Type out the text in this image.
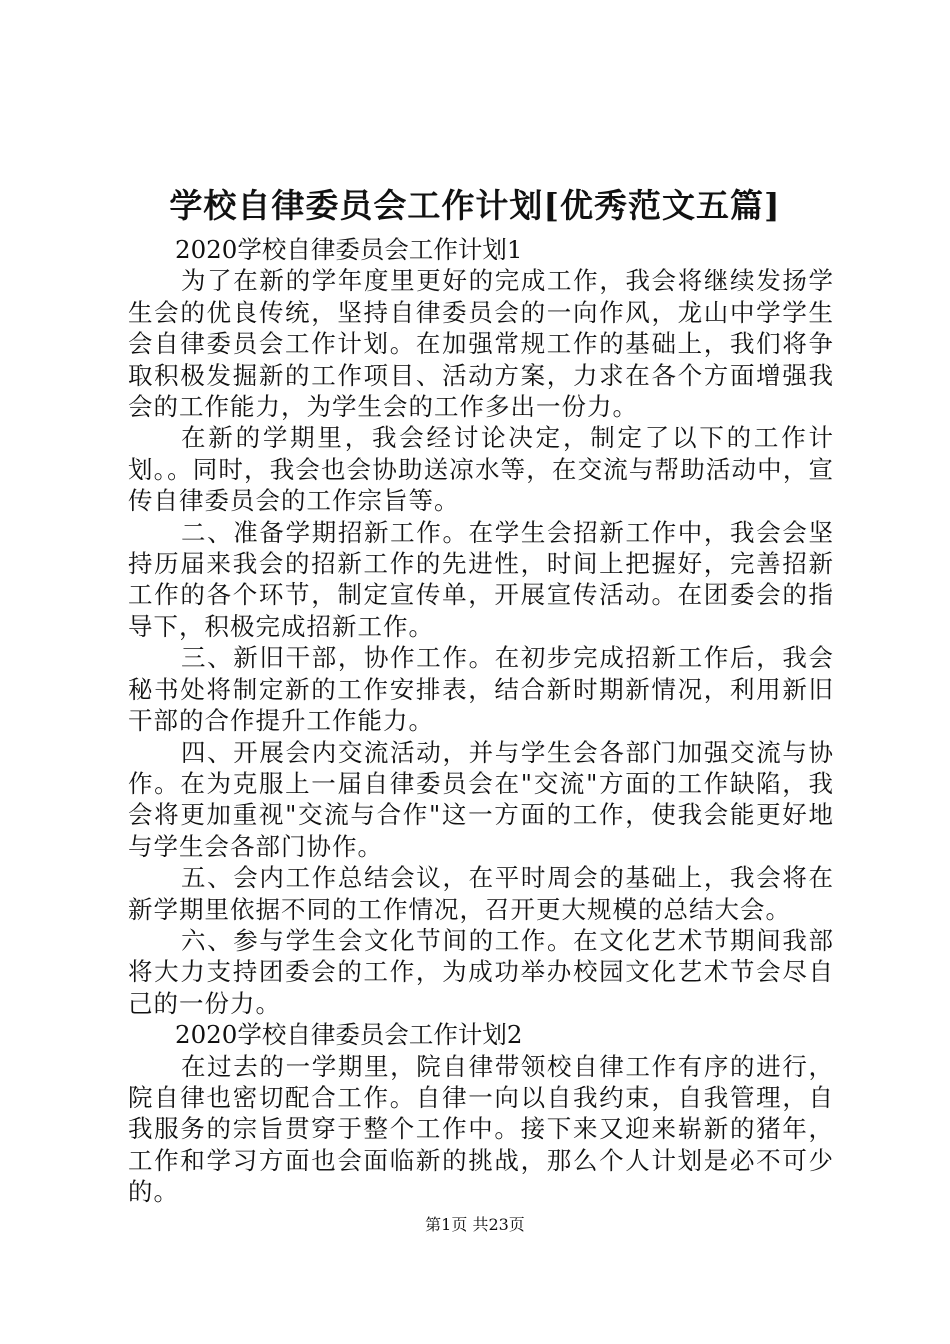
学校自律委员会工作计划[优秀范文五篇]

2020学校自律委员会工作计划1

为了在新的学年度里更好的完成工作，我会将继续发扬学生会的优良传统，坚持自律委员会的一向作风，龙山中学学生会自律委员会工作计划。在加强常规工作的基础上，我们将争取积极发掘新的工作项目、活动方案，力求在各个方面增强我会的工作能力，为学生会的工作多出一份力。

在新的学期里，我会经讨论决定，制定了以下的工作计划。。同时，我会也会协助送凉水等，在交流与帮助活动中，宣传自律委员会的工作宗旨等。

二、准备学期招新工作。在学生会招新工作中，我会会坚持历届来我会的招新工作的先进性，时间上把握好，完善招新工作的各个环节，制定宣传单，开展宣传活动。在团委会的指导下，积极完成招新工作。

三、新旧干部，协作工作。在初步完成招新工作后，我会秘书处将制定新的工作安排表，结合新时期新情况，利用新旧干部的合作提升工作能力。

四、开展会内交流活动，并与学生会各部门加强交流与协作。在为克服上一届自律委员会在"交流"方面的工作缺陷，我会将更加重视"交流与合作"这一方面的工作，使我会能更好地与学生会各部门协作。

五、会内工作总结会议，在平时周会的基础上，我会将在新学期里依据不同的工作情况，召开更大规模的总结大会。

六、参与学生会文化节间的工作。在文化艺术节期间我部将大力支持团委会的工作，为成功举办校园文化艺术节会尽自己的一份力。

2020学校自律委员会工作计划2

在过去的一学期里，院自律带领校自律工作有序的进行，院自律也密切配合工作。自律一向以自我约束，自我管理，自我服务的宗旨贯穿于整个工作中。接下来又迎来崭新的猪年，工作和学习方面也会面临新的挑战，那么个人计划是必不可少的。

第1页 共23页
